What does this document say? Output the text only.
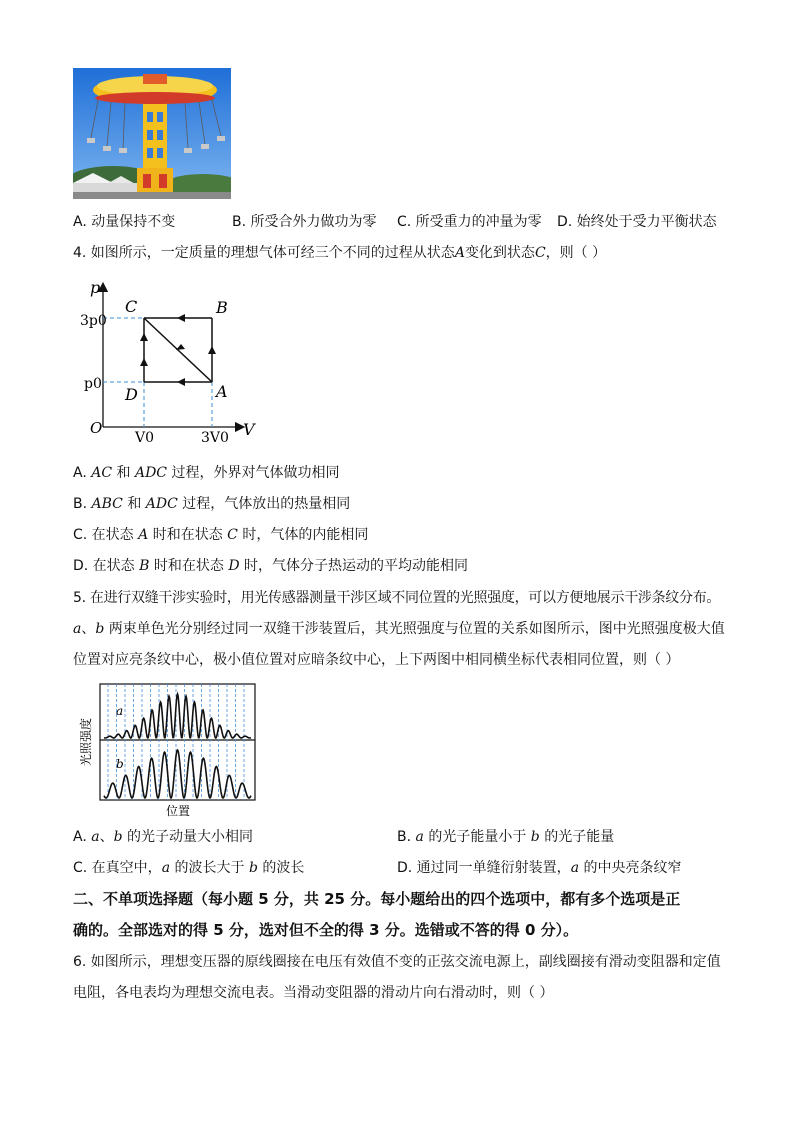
A. 动量保持不变	B. 所受合外力做功为零 C. 所受重力的冲量为零 D. 始终处于受力平衡状态
4. 如图所示，一定质量的理想气体可经三个不同的过程从状态A变化到状态C，则（ ）
p
V
O
3p0
p0
V0	3V0
C	B
A
D
A. AC 和 ADC 过程，外界对气体做功相同
B. ABC 和 ADC 过程，气体放出的热量相同
C. 在状态 A 时和在状态 C 时，气体的内能相同
D. 在状态 B 时和在状态 D 时，气体分子热运动的平均动能相同
5. 在进行双缝干涉实验时，用光传感器测量干涉区域不同位置的光照强度，可以方便地展示干涉条纹分布。
a、b 两束单色光分别经过同一双缝干涉装置后，其光照强度与位置的关系如图所示，图中光照强度极大值
位置对应亮条纹中心，极小值位置对应暗条纹中心，上下两图中相同横坐标代表相同位置，则（ ）
a
b
光照强度
位置
A. a、b 的光子动量大小相同	B. a 的光子能量小于 b 的光子能量
C. 在真空中，a 的波长大于 b 的波长	D. 通过同一单缝衍射装置，a 的中央亮条纹窄
二、不单项选择题（每小题 5 分，共 25 分。每小题给出的四个选项中，都有多个选项是正
确的。全部选对的得 5 分，选对但不全的得 3 分。选错或不答的得 0 分）。
6. 如图所示，理想变压器的原线圈接在电压有效值不变的正弦交流电源上，副线圈接有滑动变阻器和定值
电阻，各电表均为理想交流电表。当滑动变阻器的滑动片向右滑动时，则（ ）
